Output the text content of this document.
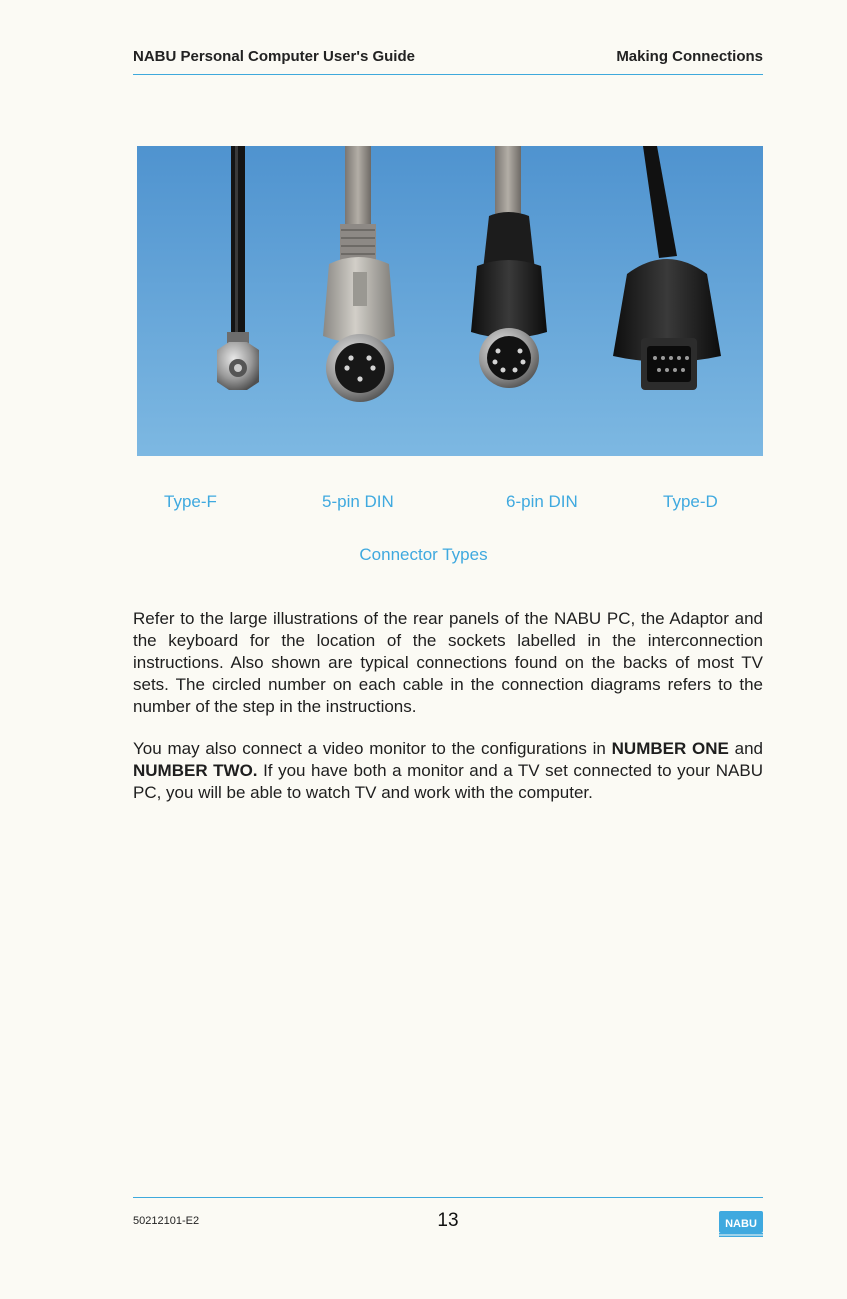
NABU Personal Computer User's Guide	Making Connections
Type-F	5-pin DIN	6-pin DIN	Type-D
Connector Types

Refer to the large illustrations of the rear panels of the NABU PC, the Adaptor and the keyboard for the location of the sockets labelled in the interconnection instructions. Also shown are typical connections found on the backs of most TV sets. The circled number on each cable in the connection diagrams refers to the number of the step in the instructions.

You may also connect a video monitor to the configurations in NUMBER ONE and NUMBER TWO. If you have both a monitor and a TV set connected to your NABU PC, you will be able to watch TV and work with the computer.

50212101-E2	13	NABU
